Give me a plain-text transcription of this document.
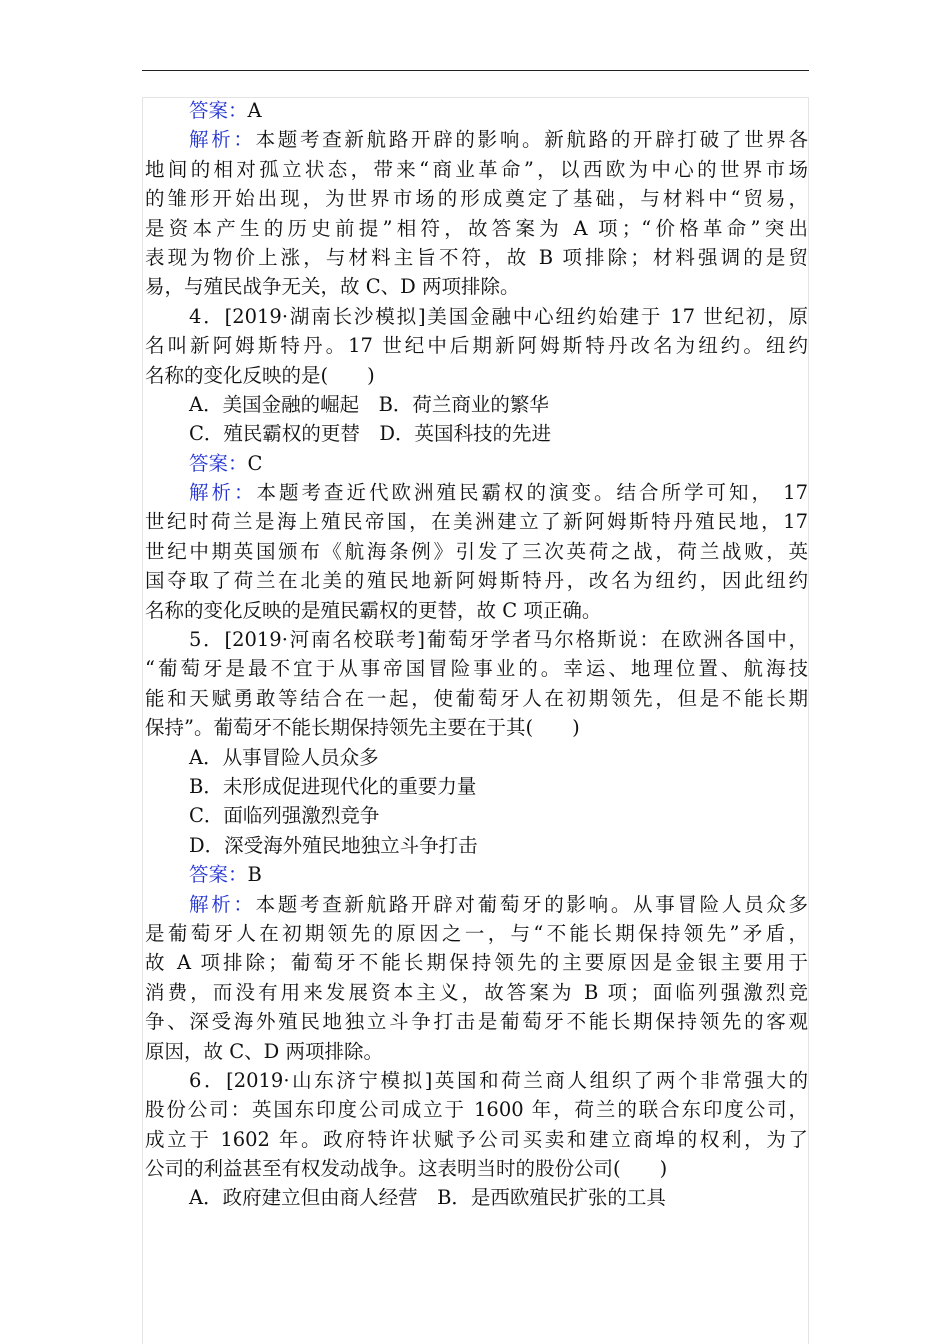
答案：A
解析：本题考查新航路开辟的影响。新航路的开辟打破了世界各
地间的相对孤立状态，带来“商业革命”，以西欧为中心的世界市场
的雏形开始出现，为世界市场的形成奠定了基础，与材料中“贸易，
是资本产生的历史前提”相符，故答案为 A 项；“价格革命”突出
表现为物价上涨，与材料主旨不符，故 B 项排除；材料强调的是贸
易，与殖民战争无关，故 C、D 两项排除。
4．[2019·湖南长沙模拟]美国金融中心纽约始建于 17 世纪初，原
名叫新阿姆斯特丹。17 世纪中后期新阿姆斯特丹改名为纽约。纽约
名称的变化反映的是(　　)
A．美国金融的崛起　B．荷兰商业的繁华
C．殖民霸权的更替　D．英国科技的先进
答案：C
解析：本题考查近代欧洲殖民霸权的演变。结合所学可知， 17
世纪时荷兰是海上殖民帝国，在美洲建立了新阿姆斯特丹殖民地，17
世纪中期英国颁布《航海条例》引发了三次英荷之战，荷兰战败，英
国夺取了荷兰在北美的殖民地新阿姆斯特丹，改名为纽约，因此纽约
名称的变化反映的是殖民霸权的更替，故 C 项正确。
5．[2019·河南名校联考]葡萄牙学者马尔格斯说：在欧洲各国中，
“葡萄牙是最不宜于从事帝国冒险事业的。幸运、地理位置、航海技
能和天赋勇敢等结合在一起，使葡萄牙人在初期领先，但是不能长期
保持”。葡萄牙不能长期保持领先主要在于其(　　)
A．从事冒险人员众多
B．未形成促进现代化的重要力量
C．面临列强激烈竞争
D．深受海外殖民地独立斗争打击
答案：B
解析：本题考查新航路开辟对葡萄牙的影响。从事冒险人员众多
是葡萄牙人在初期领先的原因之一，与“不能长期保持领先”矛盾，
故 A 项排除；葡萄牙不能长期保持领先的主要原因是金银主要用于
消费，而没有用来发展资本主义，故答案为 B 项；面临列强激烈竞
争、深受海外殖民地独立斗争打击是葡萄牙不能长期保持领先的客观
原因，故 C、D 两项排除。
6．[2019·山东济宁模拟]英国和荷兰商人组织了两个非常强大的
股份公司：英国东印度公司成立于 1600 年，荷兰的联合东印度公司，
成立于 1602 年。政府特许状赋予公司买卖和建立商埠的权利，为了
公司的利益甚至有权发动战争。这表明当时的股份公司(　　)
A．政府建立但由商人经营　B．是西欧殖民扩张的工具
